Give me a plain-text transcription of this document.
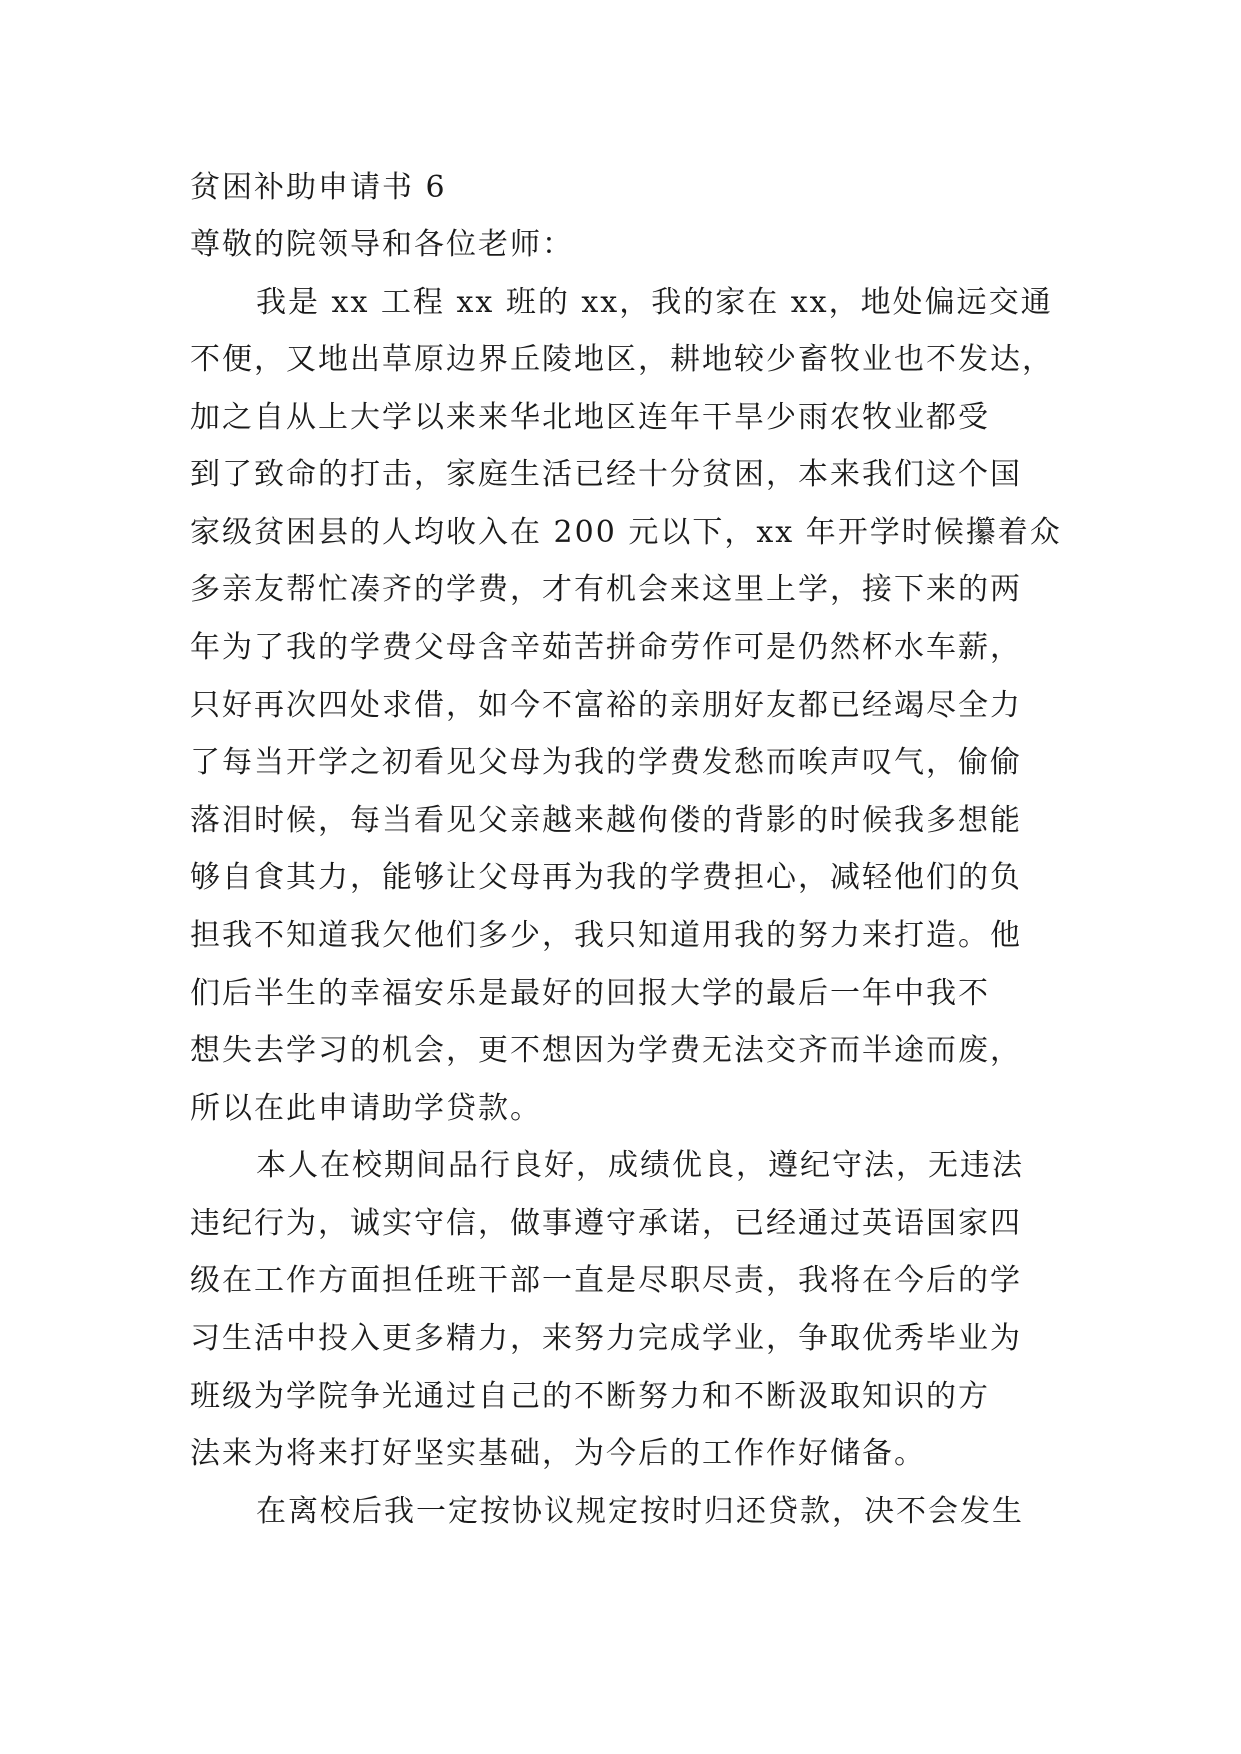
贫困补助申请书 6
尊敬的院领导和各位老师：
我是 xx 工程 xx 班的 xx，我的家在 xx，地处偏远交通
不便，又地出草原边界丘陵地区，耕地较少畜牧业也不发达，
加之自从上大学以来来华北地区连年干旱少雨农牧业都受
到了致命的打击，家庭生活已经十分贫困，本来我们这个国
家级贫困县的人均收入在 200 元以下，xx 年开学时候攥着众
多亲友帮忙凑齐的学费，才有机会来这里上学，接下来的两
年为了我的学费父母含辛茹苦拼命劳作可是仍然杯水车薪，
只好再次四处求借，如今不富裕的亲朋好友都已经竭尽全力
了每当开学之初看见父母为我的学费发愁而唉声叹气，偷偷
落泪时候，每当看见父亲越来越佝偻的背影的时候我多想能
够自食其力，能够让父母再为我的学费担心，减轻他们的负
担我不知道我欠他们多少，我只知道用我的努力来打造。他
们后半生的幸福安乐是最好的回报大学的最后一年中我不
想失去学习的机会，更不想因为学费无法交齐而半途而废，
所以在此申请助学贷款。
本人在校期间品行良好，成绩优良，遵纪守法，无违法
违纪行为，诚实守信，做事遵守承诺，已经通过英语国家四
级在工作方面担任班干部一直是尽职尽责，我将在今后的学
习生活中投入更多精力，来努力完成学业，争取优秀毕业为
班级为学院争光通过自己的不断努力和不断汲取知识的方
法来为将来打好坚实基础，为今后的工作作好储备。
在离校后我一定按协议规定按时归还贷款，决不会发生
